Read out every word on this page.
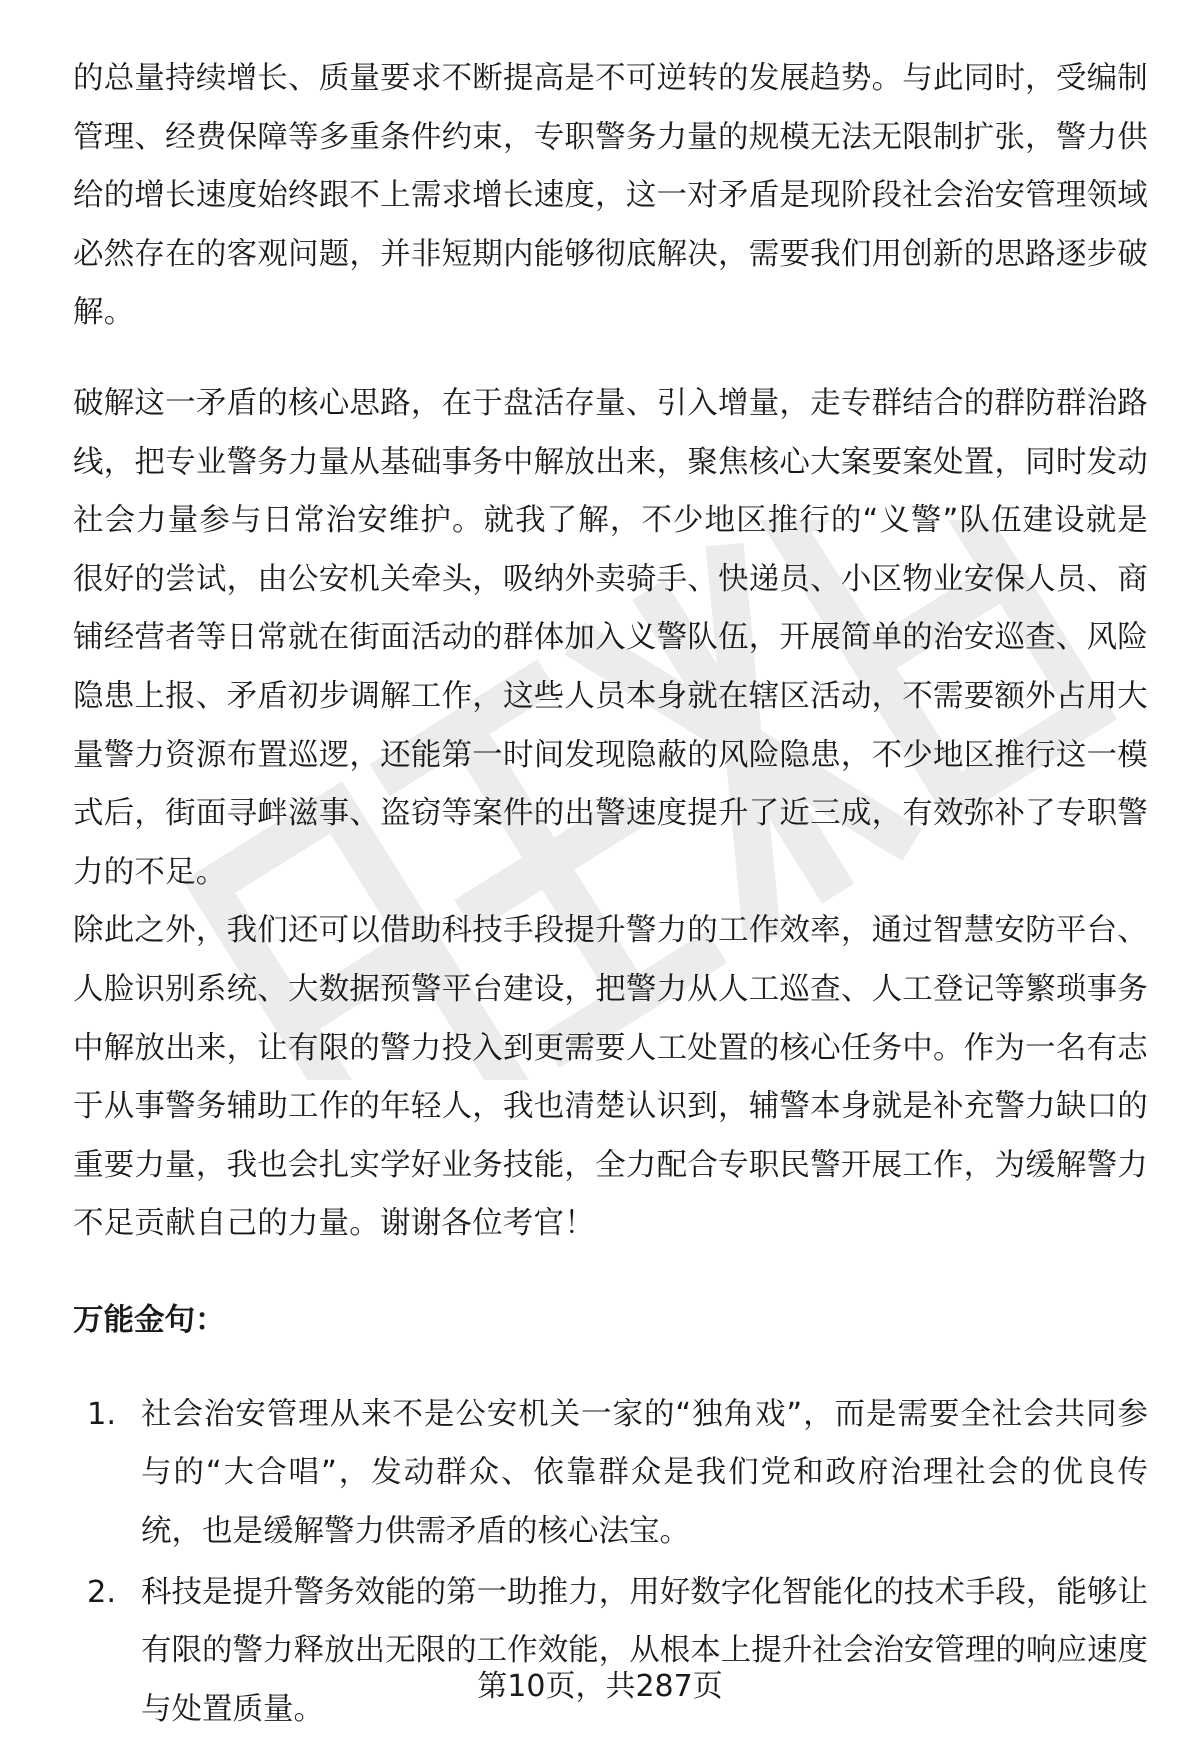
的总量持续增长、质量要求不断提高是不可逆转的发展趋势。与此同时，受编制管理、经费保障等多重条件约束，专职警务力量的规模无法无限制扩张，警力供给的增长速度始终跟不上需求增长速度，这一对矛盾是现阶段社会治安管理领域必然存在的客观问题，并非短期内能够彻底解决，需要我们用创新的思路逐步破解。

破解这一矛盾的核心思路，在于盘活存量、引入增量，走专群结合的群防群治路线，把专业警务力量从基础事务中解放出来，聚焦核心大案要案处置，同时发动社会力量参与日常治安维护。就我了解，不少地区推行的“义警”队伍建设就是很好的尝试，由公安机关牵头，吸纳外卖骑手、快递员、小区物业安保人员、商铺经营者等日常就在街面活动的群体加入义警队伍，开展简单的治安巡查、风险隐患上报、矛盾初步调解工作，这些人员本身就在辖区活动，不需要额外占用大量警力资源布置巡逻，还能第一时间发现隐蔽的风险隐患，不少地区推行这一模式后，街面寻衅滋事、盗窃等案件的出警速度提升了近三成，有效弥补了专职警力的不足。

除此之外，我们还可以借助科技手段提升警力的工作效率，通过智慧安防平台、人脸识别系统、大数据预警平台建设，把警力从人工巡查、人工登记等繁琐事务中解放出来，让有限的警力投入到更需要人工处置的核心任务中。作为一名有志于从事警务辅助工作的年轻人，我也清楚认识到，辅警本身就是补充警力缺口的重要力量，我也会扎实学好业务技能，全力配合专职民警开展工作，为缓解警力不足贡献自己的力量。谢谢各位考官！

万能金句：
1. 社会治安管理从来不是公安机关一家的“独角戏”，而是需要全社会共同参与的“大合唱”，发动群众、依靠群众是我们党和政府治理社会的优良传统，也是缓解警力供需矛盾的核心法宝。
2. 科技是提升警务效能的第一助推力，用好数字化智能化的技术手段，能够让有限的警力释放出无限的工作效能，从根本上提升社会治安管理的响应速度与处置质量。
第10页，共287页
